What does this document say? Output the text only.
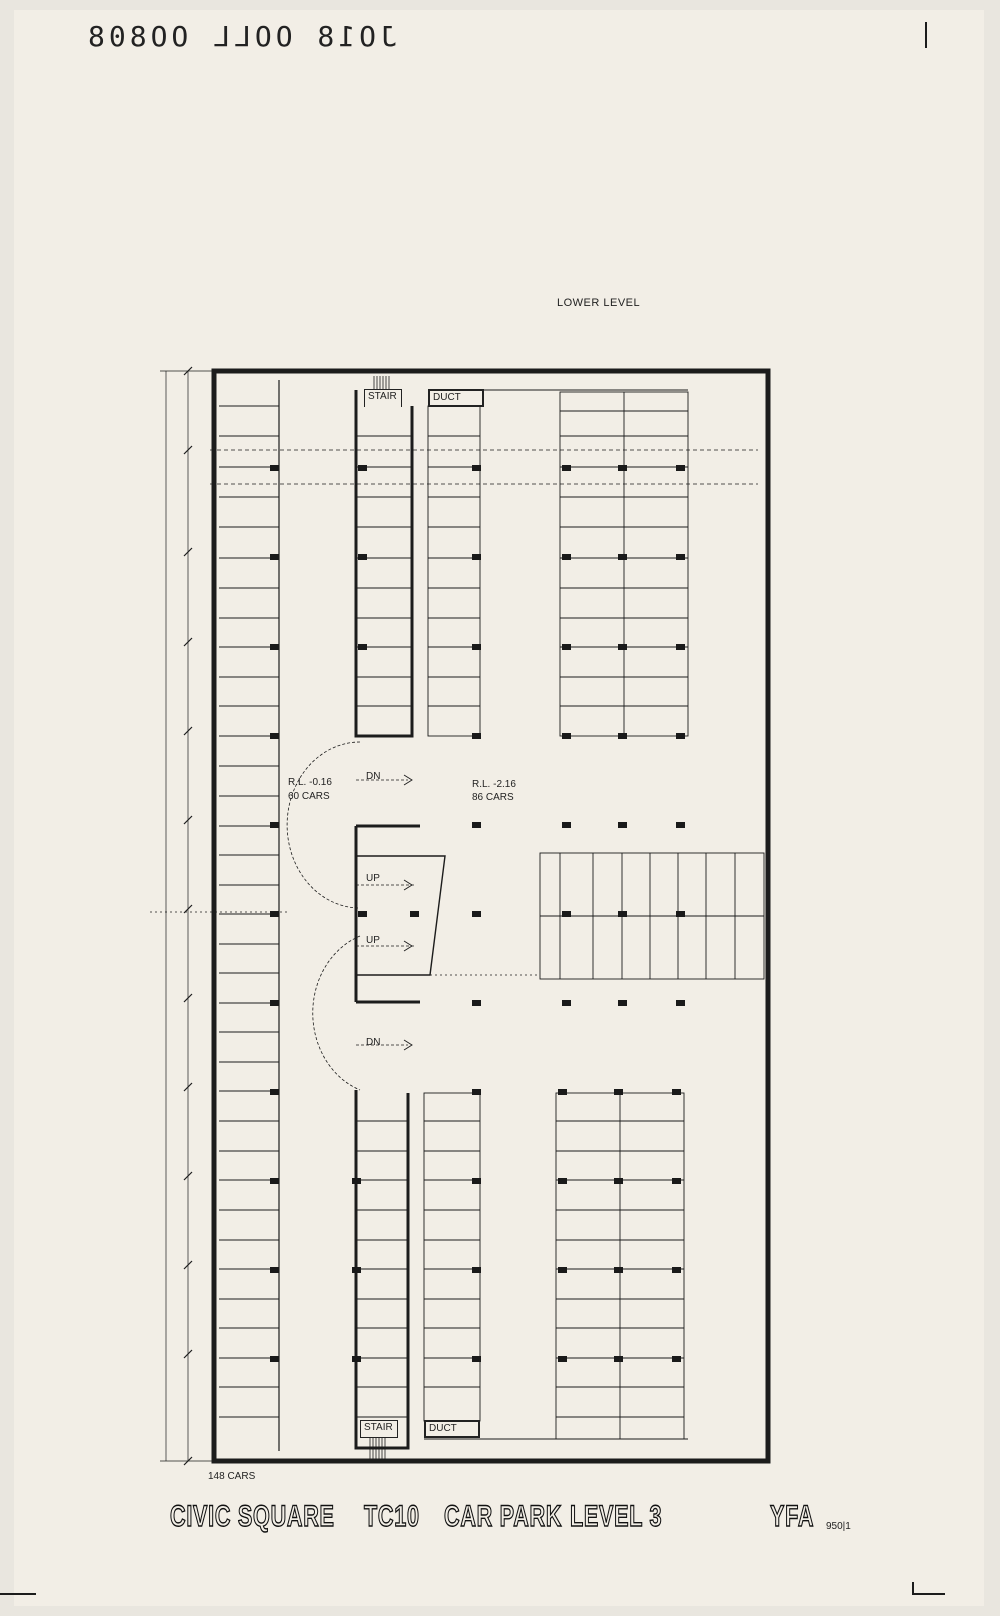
JO18 OOLL OO808
LOWER LEVEL
STAIR	DUCT
STAIR	DUCT
R.L. -0.16
60 CARS
R.L. -2.16
86 CARS
DN
UP
UP
DN
148 CARS
CIVIC SQUARE TC10 CAR PARK LEVEL 3	YFA 950|1
